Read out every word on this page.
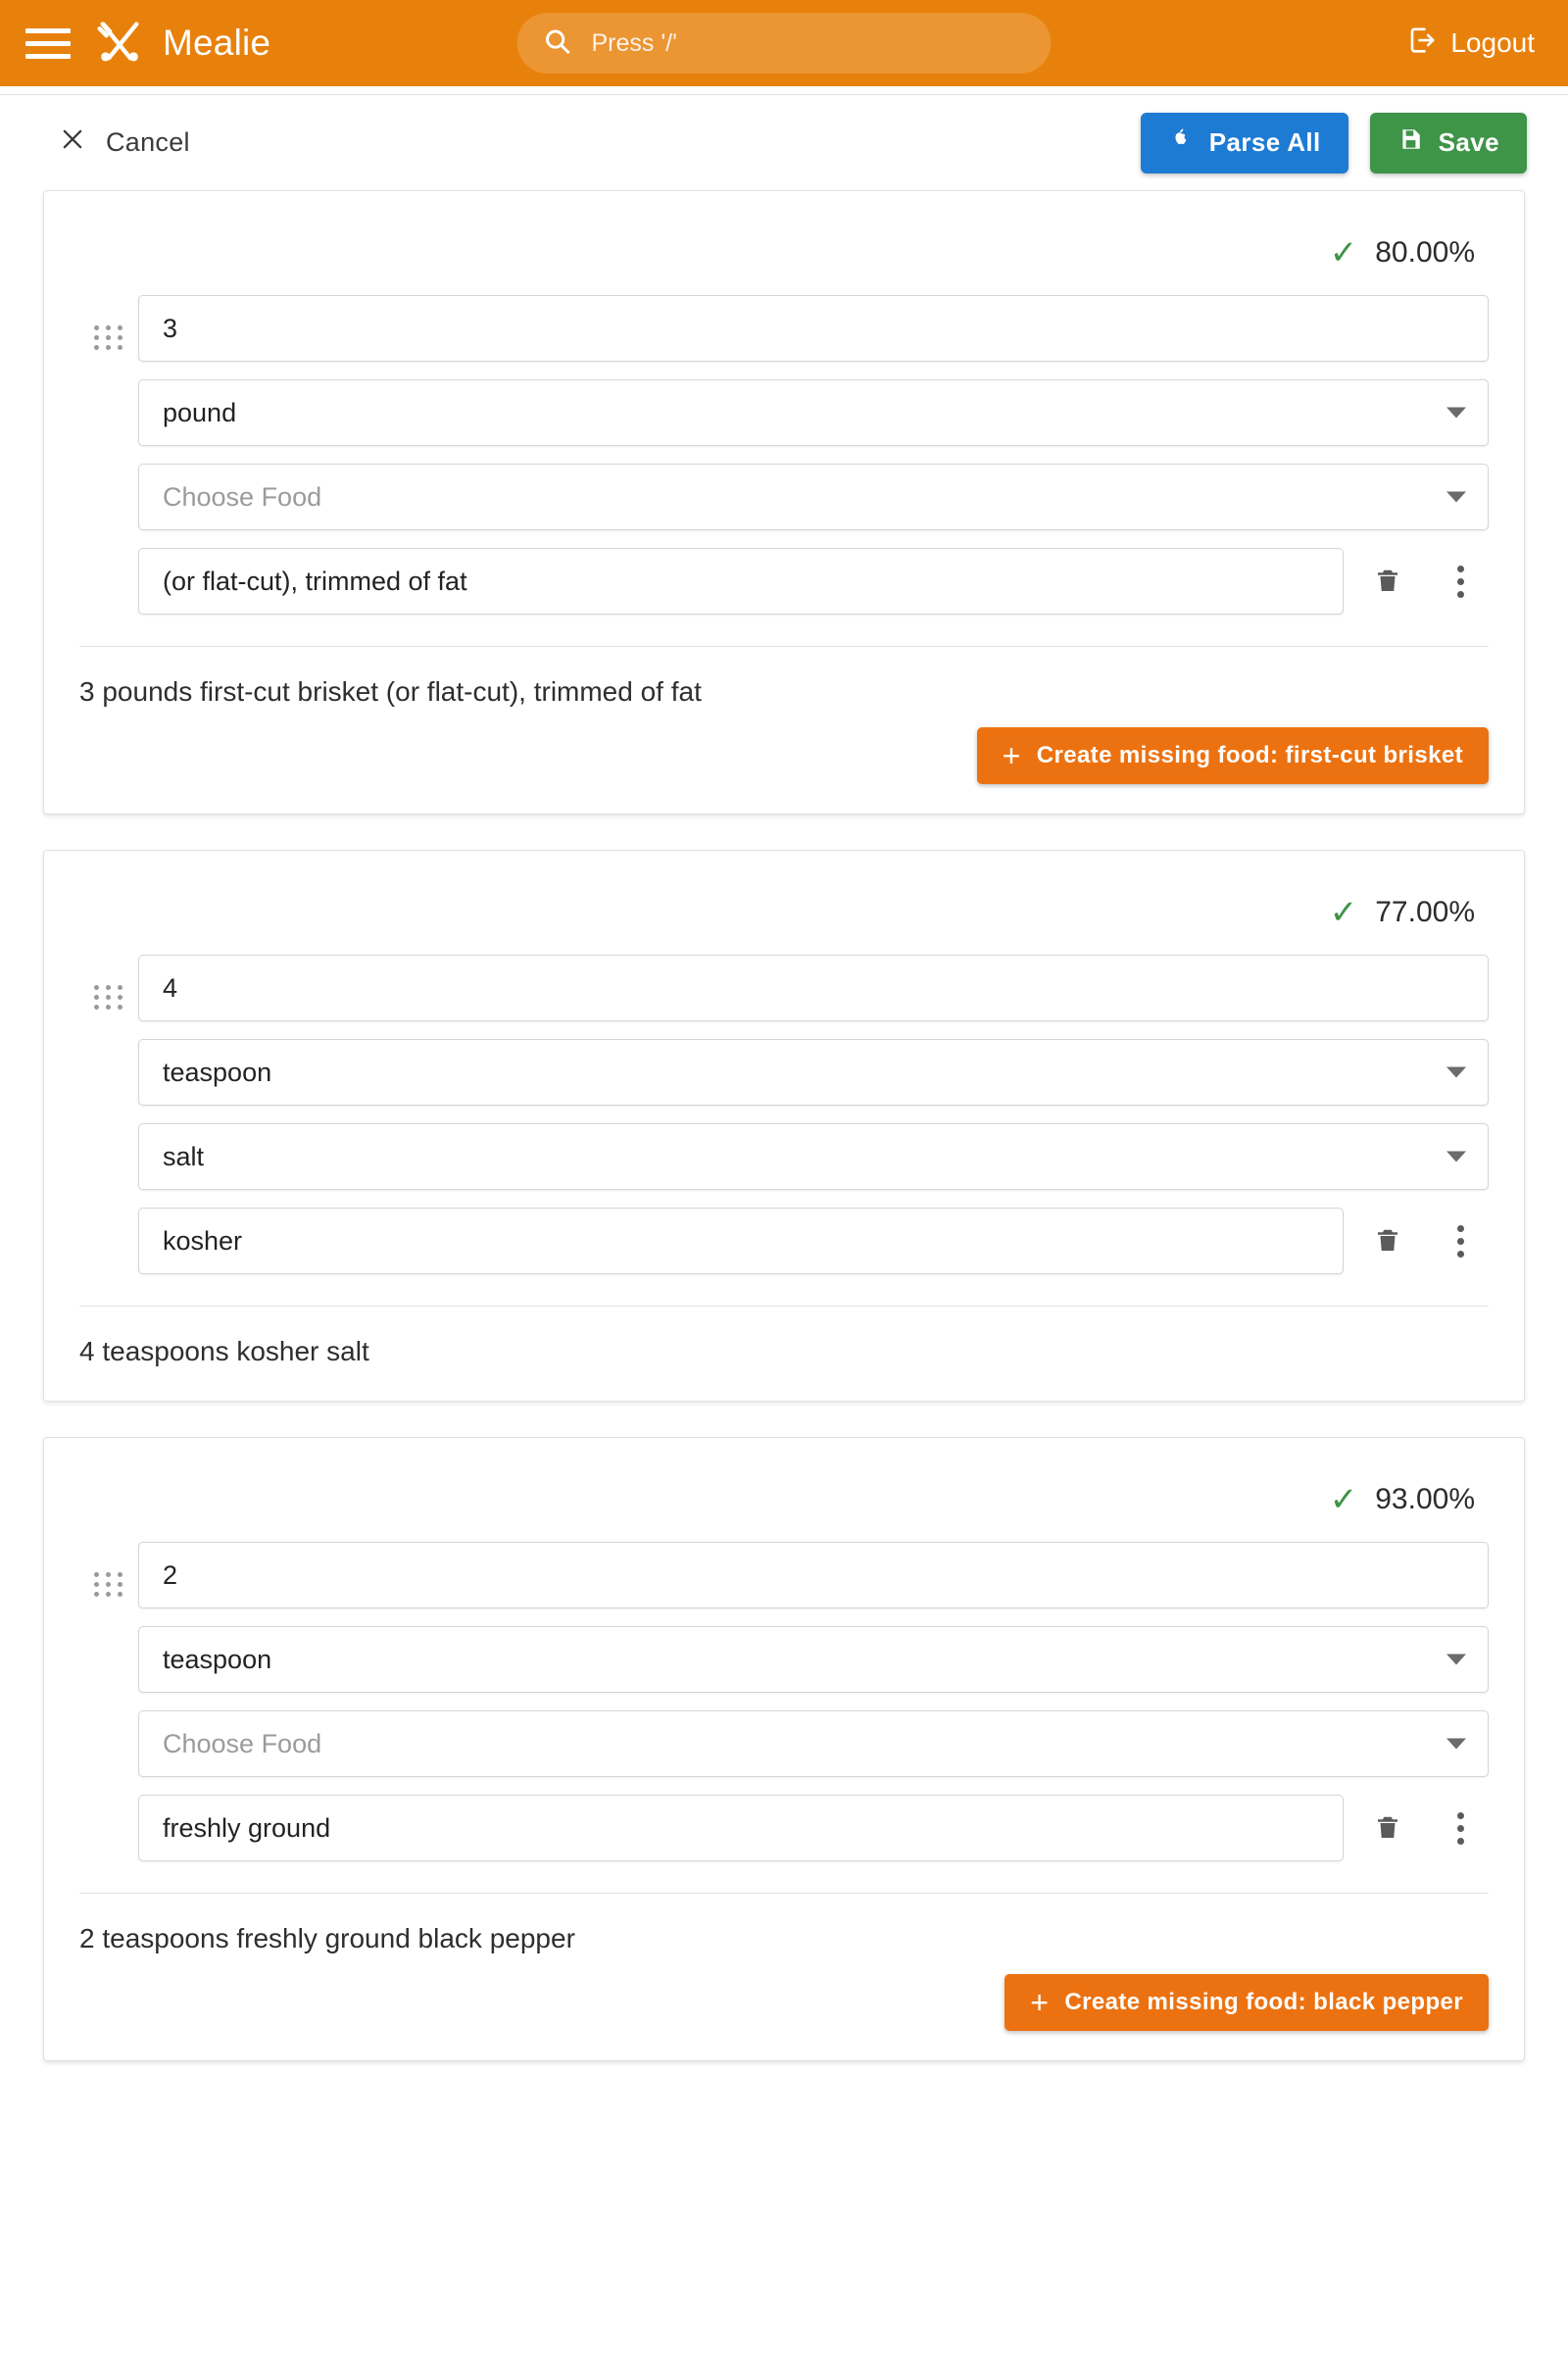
Mealie
Press '/'	Logout
Cancel	Parse All	Save
✓ 80.00%
3
pound
Choose Food
(or flat-cut), trimmed of fat
3 pounds first-cut brisket (or flat-cut), trimmed of fat
+ Create missing food: first-cut brisket
✓ 77.00%
4
teaspoon
salt
kosher
4 teaspoons kosher salt
✓ 93.00%
2
teaspoon
Choose Food
freshly ground
2 teaspoons freshly ground black pepper
+ Create missing food: black pepper
